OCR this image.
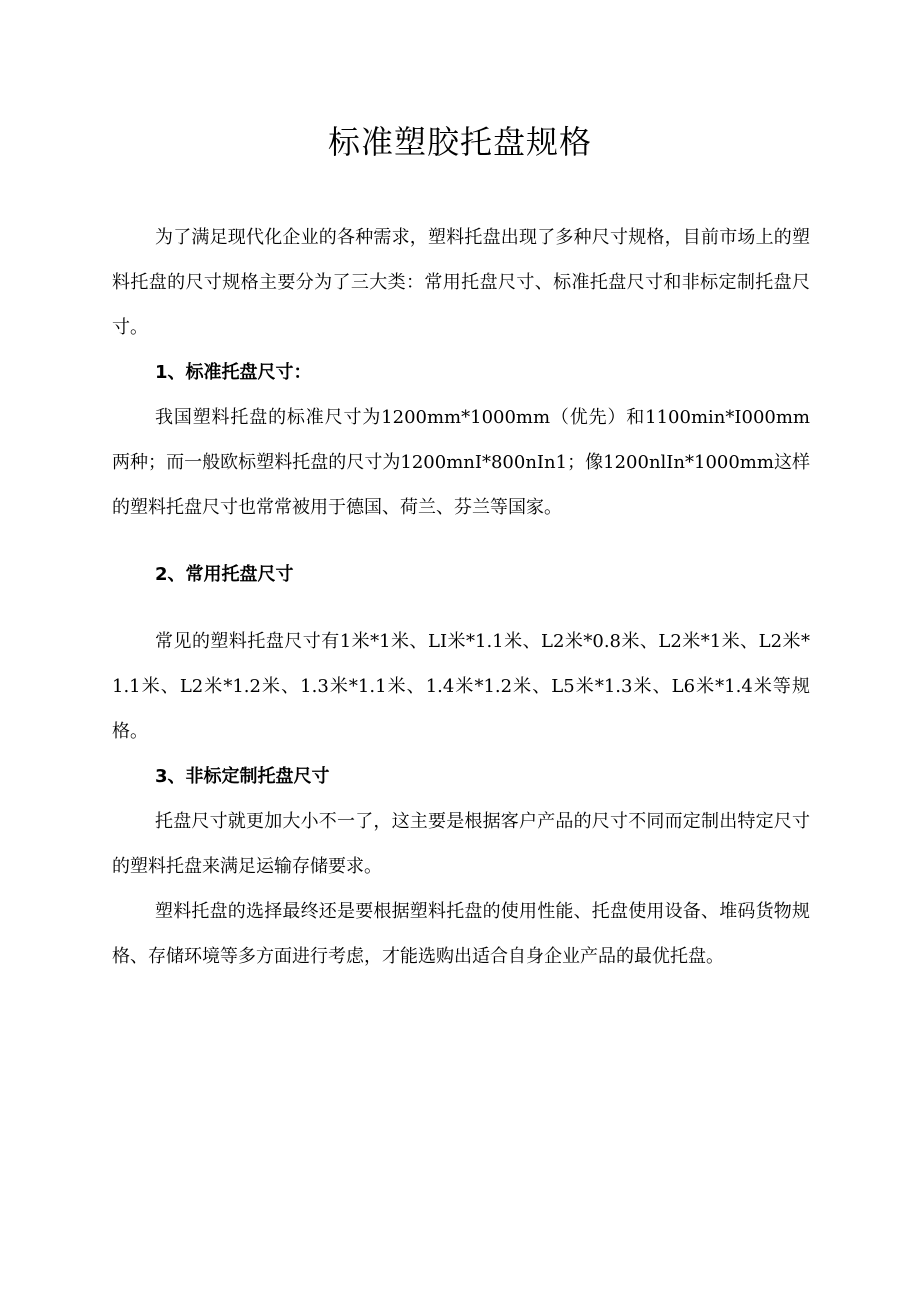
标准塑胶托盘规格

为了满足现代化企业的各种需求，塑料托盘出现了多种尺寸规格，目前市场上的塑料托盘的尺寸规格主要分为了三大类：常用托盘尺寸、标准托盘尺寸和非标定制托盘尺寸。

1、标准托盘尺寸：

我国塑料托盘的标准尺寸为1200mm*1000mm（优先）和1100min*I000mm两种；而一般欧标塑料托盘的尺寸为1200mnI*800nIn1；像1200nlIn*1000mm这样的塑料托盘尺寸也常常被用于德国、荷兰、芬兰等国家。

2、常用托盘尺寸

常见的塑料托盘尺寸有1米*1米、LI米*1.1米、L2米*0.8米、L2米*1米、L2米*1.1米、L2米*1.2米、1.3米*1.1米、1.4米*1.2米、L5米*1.3米、L6米*1.4米等规格。

3、非标定制托盘尺寸

托盘尺寸就更加大小不一了，这主要是根据客户产品的尺寸不同而定制出特定尺寸的塑料托盘来满足运输存储要求。

塑料托盘的选择最终还是要根据塑料托盘的使用性能、托盘使用设备、堆码货物规格、存储环境等多方面进行考虑，才能选购出适合自身企业产品的最优托盘。
